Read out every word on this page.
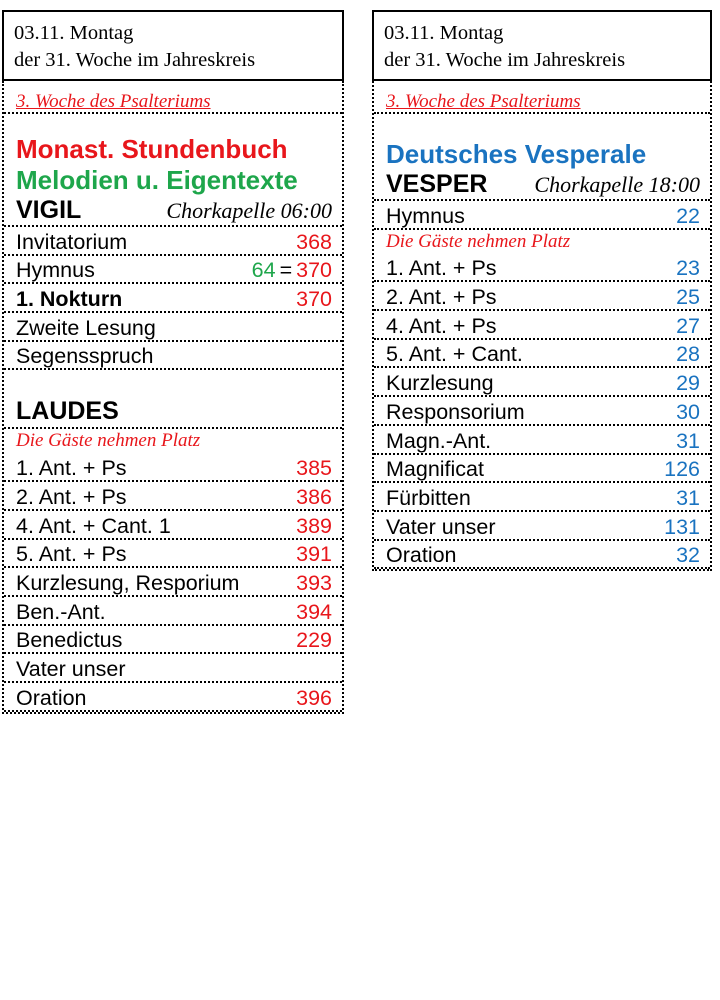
03.11. Montag
der 31. Woche im Jahreskreis
3. Woche des Psalteriums
Monast. Stundenbuch
Melodien u. Eigentexte
VIGIL	Chorkapelle 06:00
Invitatorium	368
Hymnus	64 = 370
1. Nokturn	370
Zweite Lesung
Segensspruch
LAUDES
Die Gäste nehmen Platz
1. Ant. + Ps	385
2. Ant. + Ps	386
4. Ant. + Cant. 1	389
5. Ant. + Ps	391
Kurzlesung, Resporium	393
Ben.-Ant.	394
Benedictus	229
Vater unser
Oration	396
03.11. Montag
der 31. Woche im Jahreskreis
3. Woche des Psalteriums
Deutsches Vesperale
VESPER Chorkapelle 18:00
Hymnus	22
Die Gäste nehmen Platz
1. Ant. + Ps	23
2. Ant. + Ps	25
4. Ant. + Ps	27
5. Ant. + Cant.	28
Kurzlesung	29
Responsorium	30
Magn.-Ant.	31
Magnificat	126
Fürbitten	31
Vater unser	131
Oration	32
